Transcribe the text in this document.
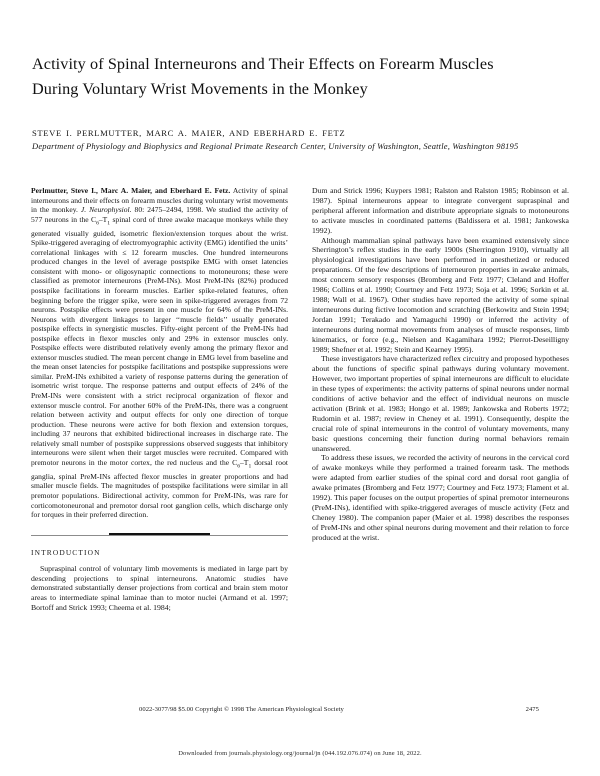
Activity of Spinal Interneurons and Their Effects on Forearm Muscles
During Voluntary Wrist Movements in the Monkey
STEVE I. PERLMUTTER, MARC A. MAIER, AND EBERHARD E. FETZ
Department of Physiology and Biophysics and Regional Primate Research Center, University of Washington, Seattle, Washington 98195

Perlmutter, Steve I., Marc A. Maier, and Eberhard E. Fetz. Activity of spinal interneurons and their effects on forearm muscles during voluntary wrist movements in the monkey. J. Neurophysiol. 80: 2475–2494, 1998. We studied the activity of 577 neurons in the $C_6-T_1$ spinal cord of three awake macaque monkeys while they generated visually guided, isometric flexion/extension torques about the wrist. Spike-triggered averaging of electromyographic activity (EMG) identified the units’ correlational linkages with ≤ 12 forearm muscles. One hundred interneurons produced changes in the level of average postspike EMG with onset latencies consistent with mono- or oligosynaptic connections to motoneurons; these were classified as premotor interneurons (PreM-INs). Most PreM-INs (82%) produced postspike facilitations in forearm muscles. Earlier spike-related features, often beginning before the trigger spike, were seen in spike-triggered averages from 72 neurons. Postspike effects were present in one muscle for 64% of the PreM-INs. Neurons with divergent linkages to larger ‘‘muscle fields’’ usually generated postspike effects in synergistic muscles. Fifty-eight percent of the PreM-INs had postspike effects in flexor muscles only and 29% in extensor muscles only. Postspike effects were distributed relatively evenly among the primary flexor and extensor muscles studied. The mean percent change in EMG level from baseline and the mean onset latencies for postspike facilitations and postspike suppressions were similar. PreM-INs exhibited a variety of response patterns during the generation of isometric wrist torque. The response patterns and output effects of 24% of the PreM-INs were consistent with a strict reciprocal organization of flexor and extensor muscle control. For another 60% of the PreM-INs, there was a congruent relation between activity and output effects for only one direction of torque production. These neurons were active for both flexion and extension torques, including 37 neurons that exhibited bidirectional increases in discharge rate. The relatively small number of postspike suppressions observed suggests that inhibitory interneurons were silent when their target muscles were recruited. Compared with premotor neurons in the motor cortex, the red nucleus and the $C_6-T_1$ dorsal root ganglia, spinal PreM-INs affected flexor muscles in greater proportions and had smaller muscle fields. The magnitudes of postspike facilitations were similar in all premotor populations. Bidirectional activity, common for PreM-INs, was rare for corticomotoneuronal and premotor dorsal root ganglion cells, which discharge only for torques in their preferred direction.

INTRODUCTION

Supraspinal control of voluntary limb movements is mediated in large part by descending projections to spinal interneurons. Anatomic studies have demonstrated substantially denser projections from cortical and brain stem motor areas to intermediate spinal laminae than to motor nuclei (Armand et al. 1997; Bortoff and Strick 1993; Cheema et al. 1984;

Dum and Strick 1996; Kuypers 1981; Ralston and Ralston 1985; Robinson et al. 1987). Spinal interneurons appear to integrate convergent supraspinal and peripheral afferent information and distribute appropriate signals to motoneurons to activate muscles in coordinated patterns (Baldissera et al. 1981; Jankowska 1992).

Although mammalian spinal pathways have been examined extensively since Sherrington’s reflex studies in the early 1900s (Sherrington 1910), virtually all physiological investigations have been performed in anesthetized or reduced preparations. Of the few descriptions of interneuron properties in awake animals, most concern sensory responses (Bromberg and Fetz 1977; Cleland and Hoffer 1986; Collins et al. 1990; Courtney and Fetz 1973; Soja et al. 1996; Sorkin et al. 1988; Wall et al. 1967). Other studies have reported the activity of some spinal interneurons during fictive locomotion and scratching (Berkowitz and Stein 1994; Jordan 1991; Terakado and Yamaguchi 1990) or inferred the activity of interneurons during normal movements from analyses of muscle responses, limb kinematics, or force (e.g., Nielsen and Kagamihara 1992; Pierrot-Deseilligny 1989; Shefner et al. 1992; Stein and Kearney 1995).

These investigators have characterized reflex circuitry and proposed hypotheses about the functions of specific spinal pathways during voluntary movement. However, two important properties of spinal interneurons are difficult to elucidate in these types of experiments: the activity patterns of spinal neurons under normal conditions of active behavior and the effect of individual neurons on muscle activation (Brink et al. 1983; Hongo et al. 1989; Jankowska and Roberts 1972; Rudomin et al. 1987; review in Cheney et al. 1991). Consequently, despite the crucial role of spinal interneurons in the control of voluntary movements, many basic questions concerning their function during normal behaviors remain unanswered.

To address these issues, we recorded the activity of neurons in the cervical cord of awake monkeys while they performed a trained forearm task. The methods were adapted from earlier studies of the spinal cord and dorsal root ganglia of awake primates (Bromberg and Fetz 1977; Courtney and Fetz 1973; Flament et al. 1992). This paper focuses on the output properties of spinal premotor interneurons (PreM-INs), identified with spike-triggered averages of muscle activity (Fetz and Cheney 1980). The companion paper (Maier et al. 1998) describes the responses of PreM-INs and other spinal neurons during movement and their relation to force produced at the wrist.

0022-3077/98 $5.00 Copyright © 1998 The American Physiological Society	2475
Downloaded from journals.physiology.org/journal/jn (044.192.076.074) on June 18, 2022.
